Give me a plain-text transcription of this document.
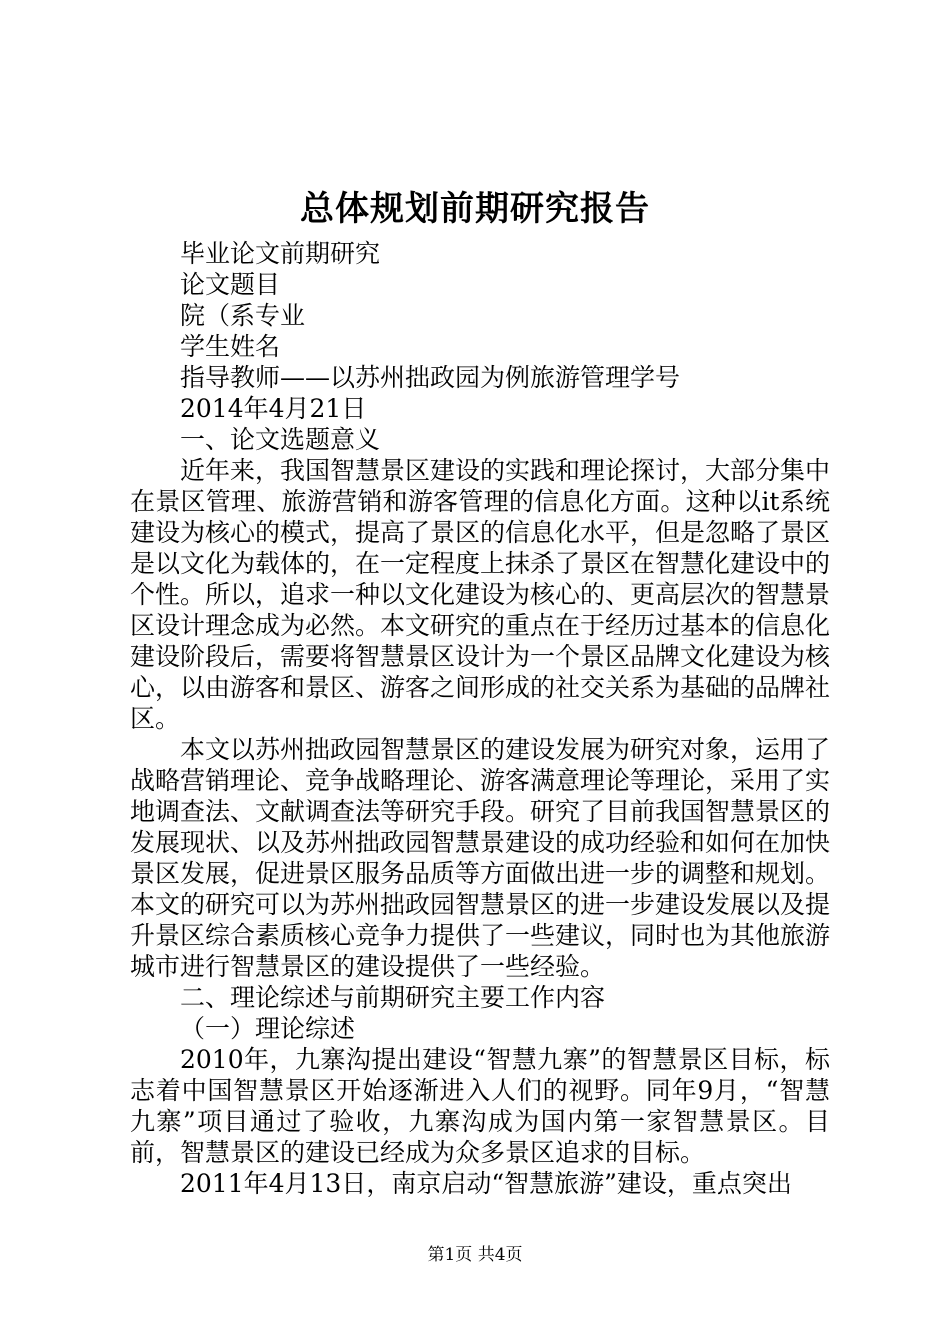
总体规划前期研究报告

毕业论文前期研究

论文题目

院（系专业

学生姓名

指导教师——以苏州拙政园为例旅游管理学号

2014年4月21日

一、论文选题意义

近年来，我国智慧景区建设的实践和理论探讨，大部分集中在景区管理、旅游营销和游客管理的信息化方面。这种以it系统建设为核心的模式，提高了景区的信息化水平，但是忽略了景区是以文化为载体的，在一定程度上抹杀了景区在智慧化建设中的个性。所以，追求一种以文化建设为核心的、更高层次的智慧景区设计理念成为必然。本文研究的重点在于经历过基本的信息化建设阶段后，需要将智慧景区设计为一个景区品牌文化建设为核心，以由游客和景区、游客之间形成的社交关系为基础的品牌社区。

本文以苏州拙政园智慧景区的建设发展为研究对象，运用了战略营销理论、竞争战略理论、游客满意理论等理论，采用了实地调查法、文献调查法等研究手段。研究了目前我国智慧景区的发展现状、以及苏州拙政园智慧景建设的成功经验和如何在加快景区发展，促进景区服务品质等方面做出进一步的调整和规划。本文的研究可以为苏州拙政园智慧景区的进一步建设发展以及提升景区综合素质核心竞争力提供了一些建议，同时也为其他旅游城市进行智慧景区的建设提供了一些经验。

二、理论综述与前期研究主要工作内容

（一）理论综述

2010年，九寨沟提出建设“智慧九寨”的智慧景区目标，标志着中国智慧景区开始逐渐进入人们的视野。同年9月，“智慧九寨”项目通过了验收，九寨沟成为国内第一家智慧景区。目前，智慧景区的建设已经成为众多景区追求的目标。

2011年4月13日，南京启动“智慧旅游”建设，重点突出

第1页 共4页
